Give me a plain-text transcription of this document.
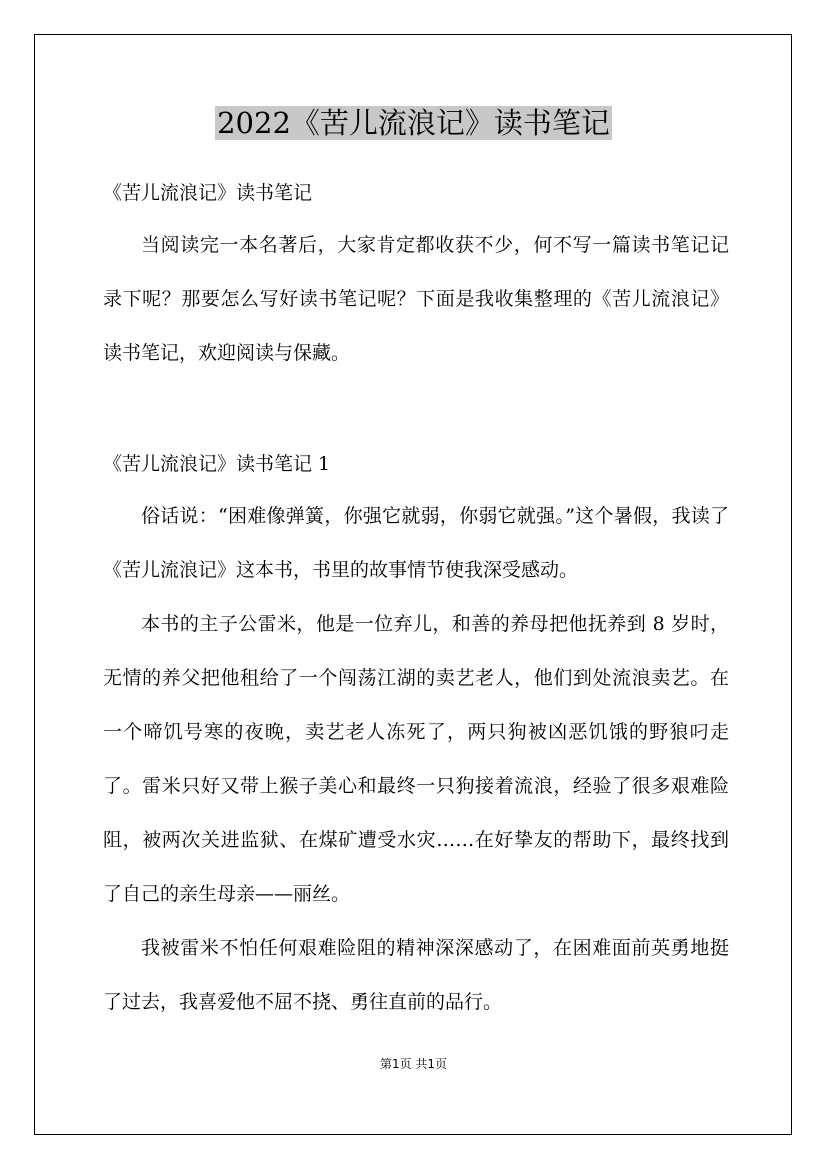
2022《苦儿流浪记》读书笔记
《苦儿流浪记》读书笔记

当阅读完一本名著后，大家肯定都收获不少，何不写一篇读书笔记记录下呢？那要怎么写好读书笔记呢？下面是我收集整理的《苦儿流浪记》读书笔记，欢迎阅读与保藏。

《苦儿流浪记》读书笔记 1

俗话说：“困难像弹簧，你强它就弱，你弱它就强。”这个暑假，我读了《苦儿流浪记》这本书，书里的故事情节使我深受感动。

本书的主子公雷米，他是一位弃儿，和善的养母把他抚养到 8 岁时，无情的养父把他租给了一个闯荡江湖的卖艺老人，他们到处流浪卖艺。在一个啼饥号寒的夜晚，卖艺老人冻死了，两只狗被凶恶饥饿的野狼叼走了。雷米只好又带上猴子美心和最终一只狗接着流浪，经验了很多艰难险阻，被两次关进监狱、在煤矿遭受水灾……在好挚友的帮助下，最终找到了自己的亲生母亲——丽丝。

我被雷米不怕任何艰难险阻的精神深深感动了，在困难面前英勇地挺了过去，我喜爱他不屈不挠、勇往直前的品行。

第1页 共1页
